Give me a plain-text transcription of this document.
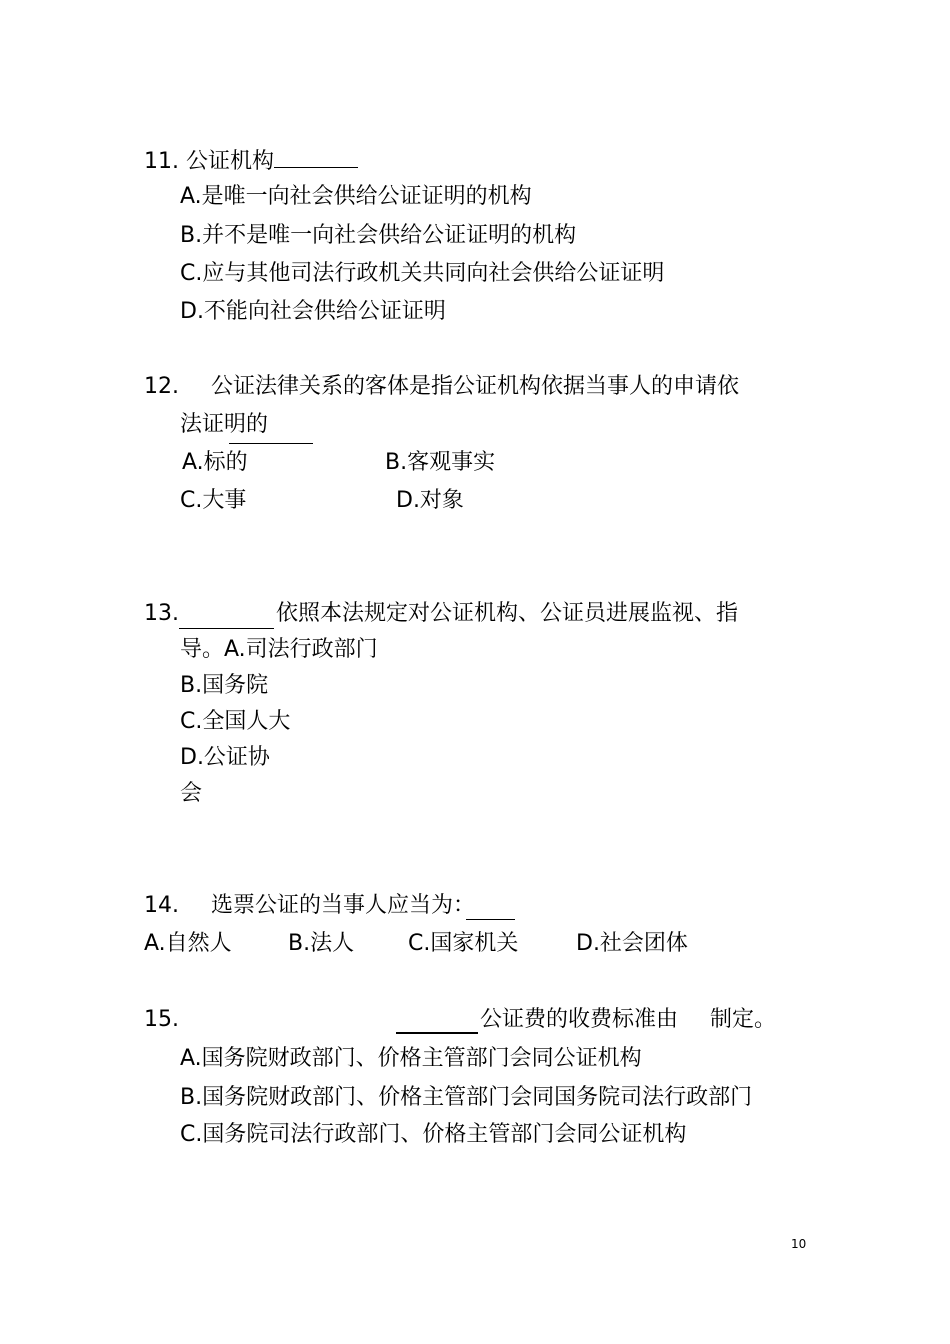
11. 公证机构
A.是唯一向社会供给公证证明的机构
B.并不是唯一向社会供给公证证明的机构
C.应与其他司法行政机关共同向社会供给公证证明
D.不能向社会供给公证证明
12. 公证法律关系的客体是指公证机构依据当事人的申请依
法证明的
A.标的	B.客观事实
C.大事	D.对象
13.	依照本法规定对公证机构、公证员进展监视、指
导。A.司法行政部门
B.国务院
C.全国人大
D.公证协
会
14. 选票公证的当事人应当为：
A.自然人	B.法人 C.国家机关	D.社会团体
15.	公证费的收费标准由 制定。
A.国务院财政部门、价格主管部门会同公证机构
B.国务院财政部门、价格主管部门会同国务院司法行政部门
C.国务院司法行政部门、价格主管部门会同公证机构
10
